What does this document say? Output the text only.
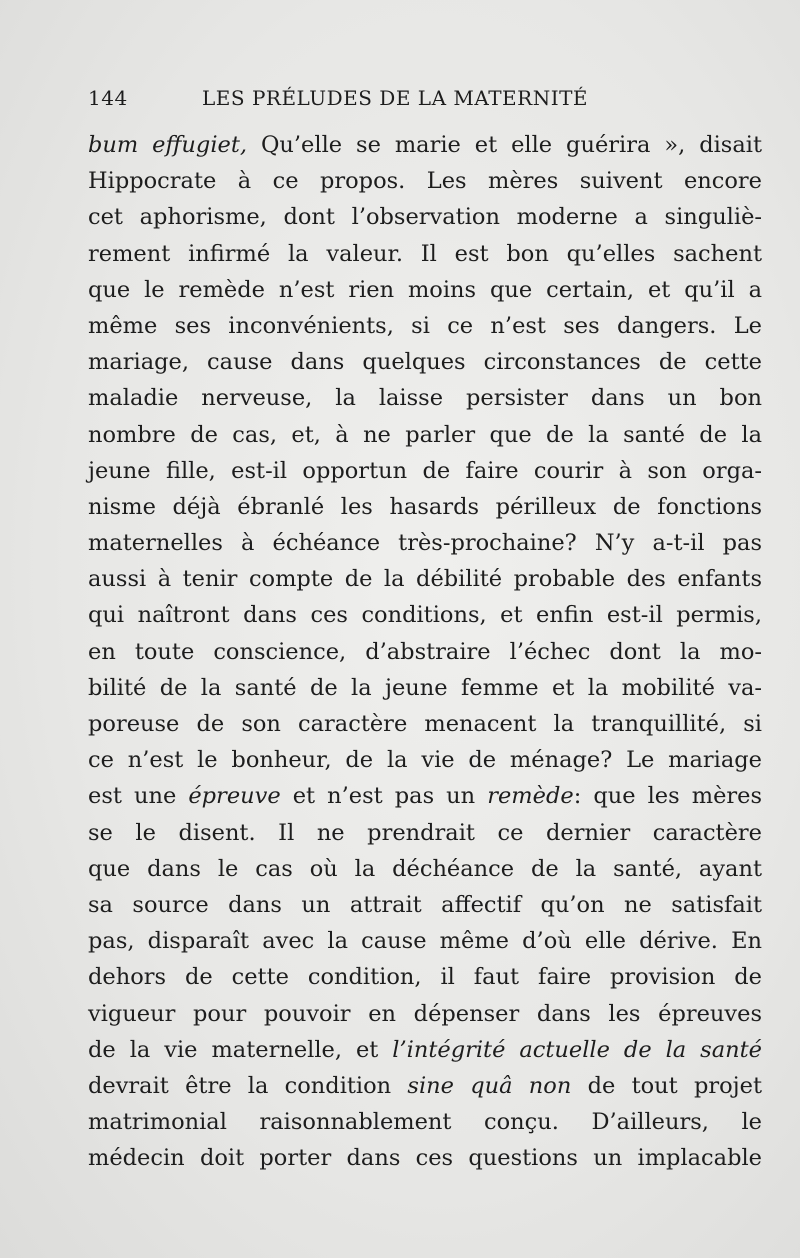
144	LES PRÉLUDES DE LA MATERNITÉ
bum effugiet, Qu’elle se marie et elle guérira », disait
Hippocrate à ce propos. Les mères suivent encore
cet aphorisme, dont l’observation moderne a singuliè-
rement infirmé la valeur. Il est bon qu’elles sachent
que le remède n’est rien moins que certain, et qu’il a
même ses inconvénients, si ce n’est ses dangers. Le
mariage, cause dans quelques circonstances de cette
maladie nerveuse, la laisse persister dans un bon
nombre de cas, et, à ne parler que de la santé de la
jeune fille, est-il opportun de faire courir à son orga-
nisme déjà ébranlé les hasards périlleux de fonctions
maternelles à échéance très-prochaine? N’y a-t-il pas
aussi à tenir compte de la débilité probable des enfants
qui naîtront dans ces conditions, et enfin est-il permis,
en toute conscience, d’abstraire l’échec dont la mo-
bilité de la santé de la jeune femme et la mobilité va-
poreuse de son caractère menacent la tranquillité, si
ce n’est le bonheur, de la vie de ménage? Le mariage
est une épreuve et n’est pas un remède: que les mères
se le disent. Il ne prendrait ce dernier caractère
que dans le cas où la déchéance de la santé, ayant
sa source dans un attrait affectif qu’on ne satisfait
pas, disparaît avec la cause même d’où elle dérive. En
dehors de cette condition, il faut faire provision de
vigueur pour pouvoir en dépenser dans les épreuves
de la vie maternelle, et l’intégrité actuelle de la santé
devrait être la condition sine quâ non de tout projet
matrimonial raisonnablement conçu. D’ailleurs, le
médecin doit porter dans ces questions un implacable
